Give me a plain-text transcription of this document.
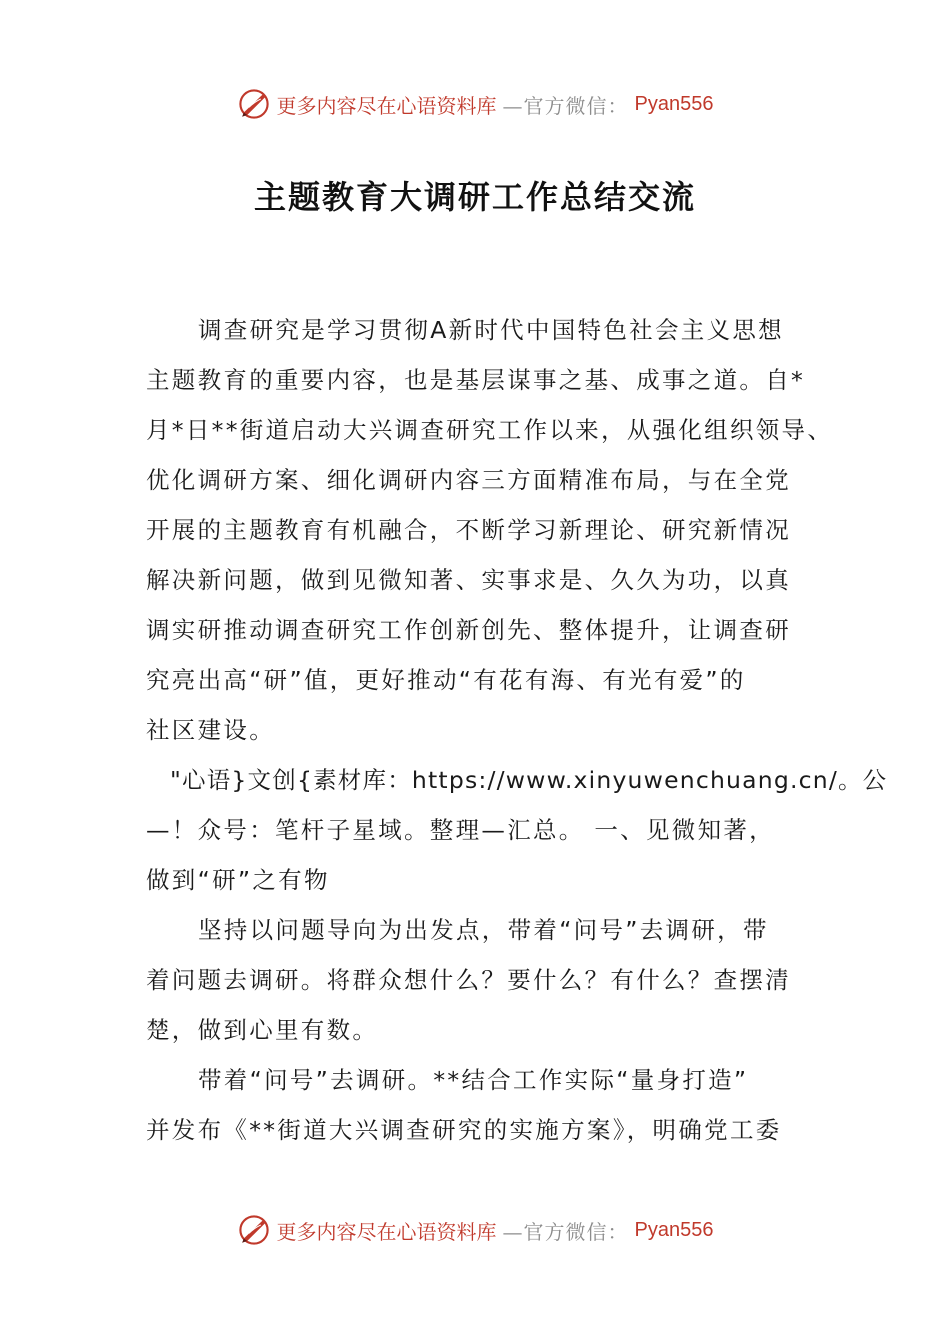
更多内容尽在心语资料库 —官方微信： Pyan556
主题教育大调研工作总结交流
调查研究是学习贯彻A新时代中国特色社会主义思想
主题教育的重要内容，也是基层谋事之基、成事之道。自*
月*日**街道启动大兴调查研究工作以来，从强化组织领导、
优化调研方案、细化调研内容三方面精准布局，与在全党
开展的主题教育有机融合，不断学习新理论、研究新情况
解决新问题，做到见微知著、实事求是、久久为功，以真
调实研推动调查研究工作创新创先、整体提升，让调查研
究亮出高“研”值，更好推动“有花有海、有光有爱”的
社区建设。
"心语}文创{素材库：https://www.xinyuwenchuang.cn/。公
—！众号：笔杆子星域。整理—汇总。 一、见微知著，
做到“研”之有物
坚持以问题导向为出发点，带着“问号”去调研，带
着问题去调研。将群众想什么？要什么？有什么？查摆清
楚，做到心里有数。
带着“问号”去调研。**结合工作实际“量身打造”
并发布《**街道大兴调查研究的实施方案》，明确党工委
更多内容尽在心语资料库 —官方微信： Pyan556
